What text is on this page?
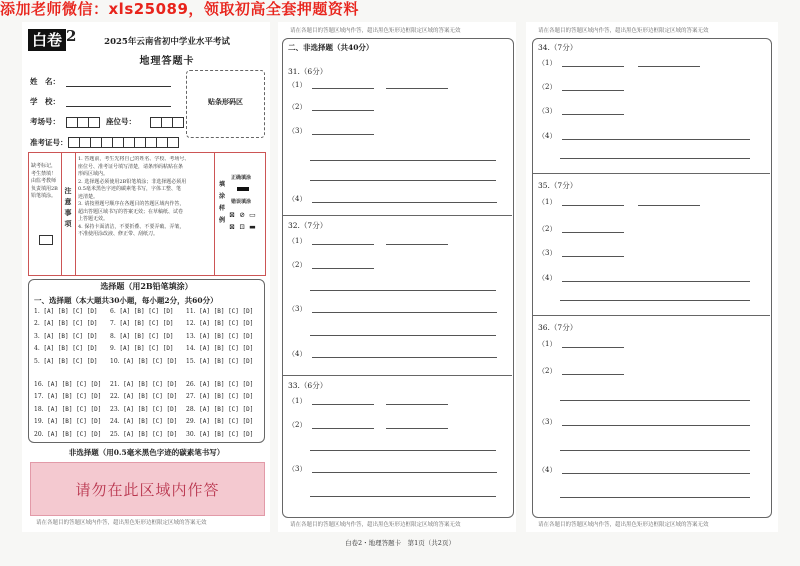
添加老师微信：xls25089，领取初高全套押题资料
白卷 2	2025年云南省初中学业水平考试
地理答题卡
姓　名：
学　校：
考场号：	座位号：
准考证号：
贴条形码区
缺考标记，
考生禁填！
由监考教师
负责填用2B
铅笔填涂。
注
意
事
项
1. 答题前，考生先将自己的姓名、学校、考场号、
座位号、准考证号填写清楚，请条形码粘贴在条
形码区域内。
2. 选择题必须使用2B铅笔填涂；非选择题必须用
0.5毫米黑色字迹的碳素笔书写，字体工整、笔
迹清楚。
3. 请按照题号顺序在各题目的答题区域内作答，
超出答题区域书写的答案无效；在草稿纸、试卷
上答题无效。
4. 保持卡面清洁，不要折叠、不要弄破、弄皱，
不准使用涂改液、修正带、刮纸刀。
填
涂
样
例
正确填涂
错误填涂
⊠ ⊘ ▭
⊠ ⊡ ▬
选择题（用2B铅笔填涂）
一、选择题（本大题共30小题，每小题2分，共60分）
1. [A] [B] [C] [D]
2. [A] [B] [C] [D]
3. [A] [B] [C] [D]
4. [A] [B] [C] [D]
5. [A] [B] [C] [D]
6. [A] [B] [C] [D]
7. [A] [B] [C] [D]
8. [A] [B] [C] [D]
9. [A] [B] [C] [D]
10. [A] [B] [C] [D]
11. [A] [B] [C] [D]
12. [A] [B] [C] [D]
13. [A] [B] [C] [D]
14. [A] [B] [C] [D]
15. [A] [B] [C] [D]
16. [A] [B] [C] [D]
17. [A] [B] [C] [D]
18. [A] [B] [C] [D]
19. [A] [B] [C] [D]
20. [A] [B] [C] [D]
21. [A] [B] [C] [D]
22. [A] [B] [C] [D]
23. [A] [B] [C] [D]
24. [A] [B] [C] [D]
25. [A] [B] [C] [D]
26. [A] [B] [C] [D]
27. [A] [B] [C] [D]
28. [A] [B] [C] [D]
29. [A] [B] [C] [D]
30. [A] [B] [C] [D]
非选择题（用0.5毫米黑色字迹的碳素笔书写）
请勿在此区域内作答
请在各题目的答题区域内作答，超出黑色矩形边框限定区域的答案无效
请在各题目的答题区域内作答，超出黑色矩形边框限定区域的答案无效
二、非选择题（共40分）
请在各题目的答题区域内作答，超出黑色矩形边框限定区域的答案无效
请在各题目的答题区域内作答，超出黑色矩形边框限定区域的答案无效
请在各题目的答题区域内作答，超出黑色矩形边框限定区域的答案无效
31.（6分）
（1）
（2）
（3）
（4）
32.（7分）
（1）
（2）
（3）
（4）
33.（6分）
（1）
（2）
（3）
34.（7分）
（1）
（2）
（3）
（4）
35.（7分）
（1）
（2）
（3）
（4）
36.（7分）
（1）
（2）
（3）
（4）
白卷2・地理答题卡　第1页（共2页）
